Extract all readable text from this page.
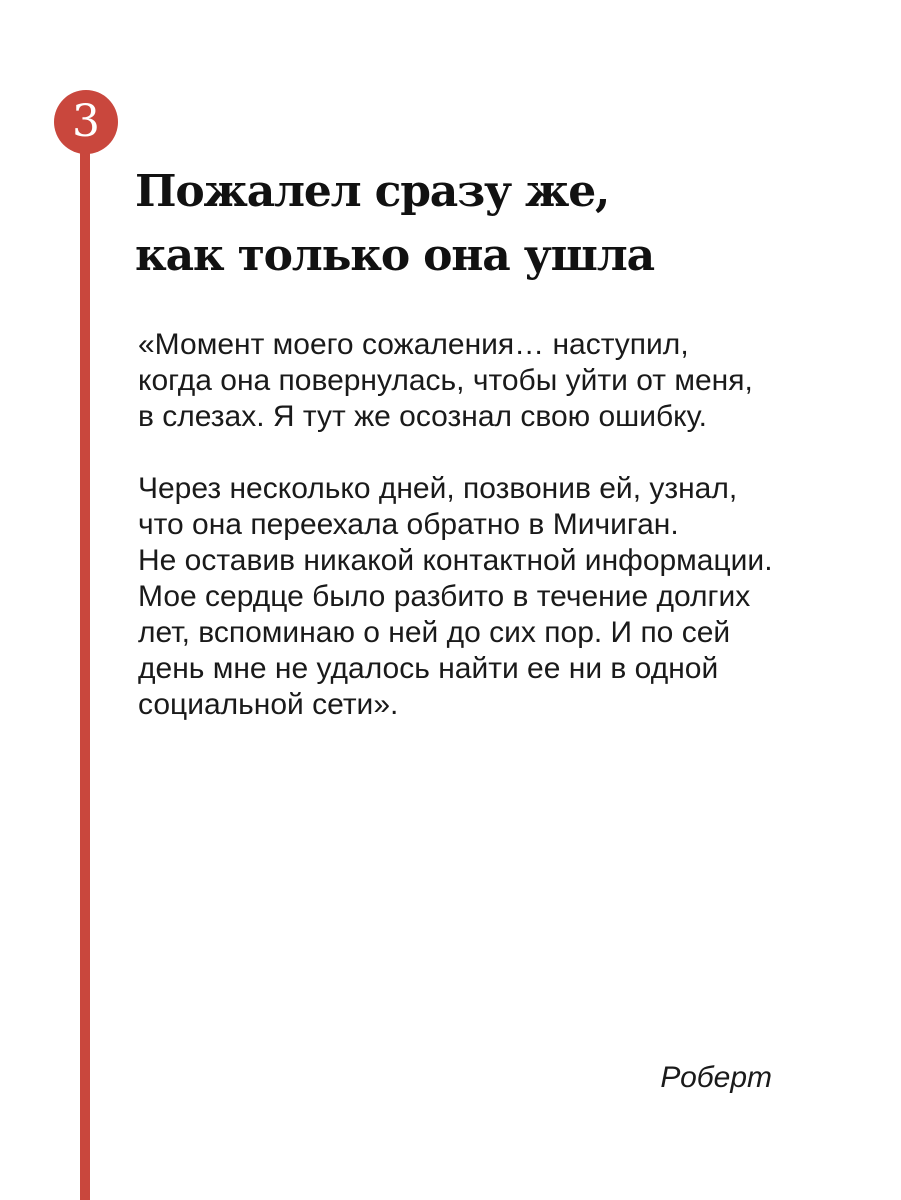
3
Пожалел сразу же,
как только она ушла
«Момент моего сожаления… наступил,
когда она повернулась, чтобы уйти от меня,
в слезах. Я тут же осознал свою ошибку.
Через несколько дней, позвонив ей, узнал,
что она переехала обратно в Мичиган.
Не оставив никакой контактной информации.
Мое сердце было разбито в течение долгих
лет, вспоминаю о ней до сих пор. И по сей
день мне не удалось найти ее ни в одной
социальной сети».
Роберт
